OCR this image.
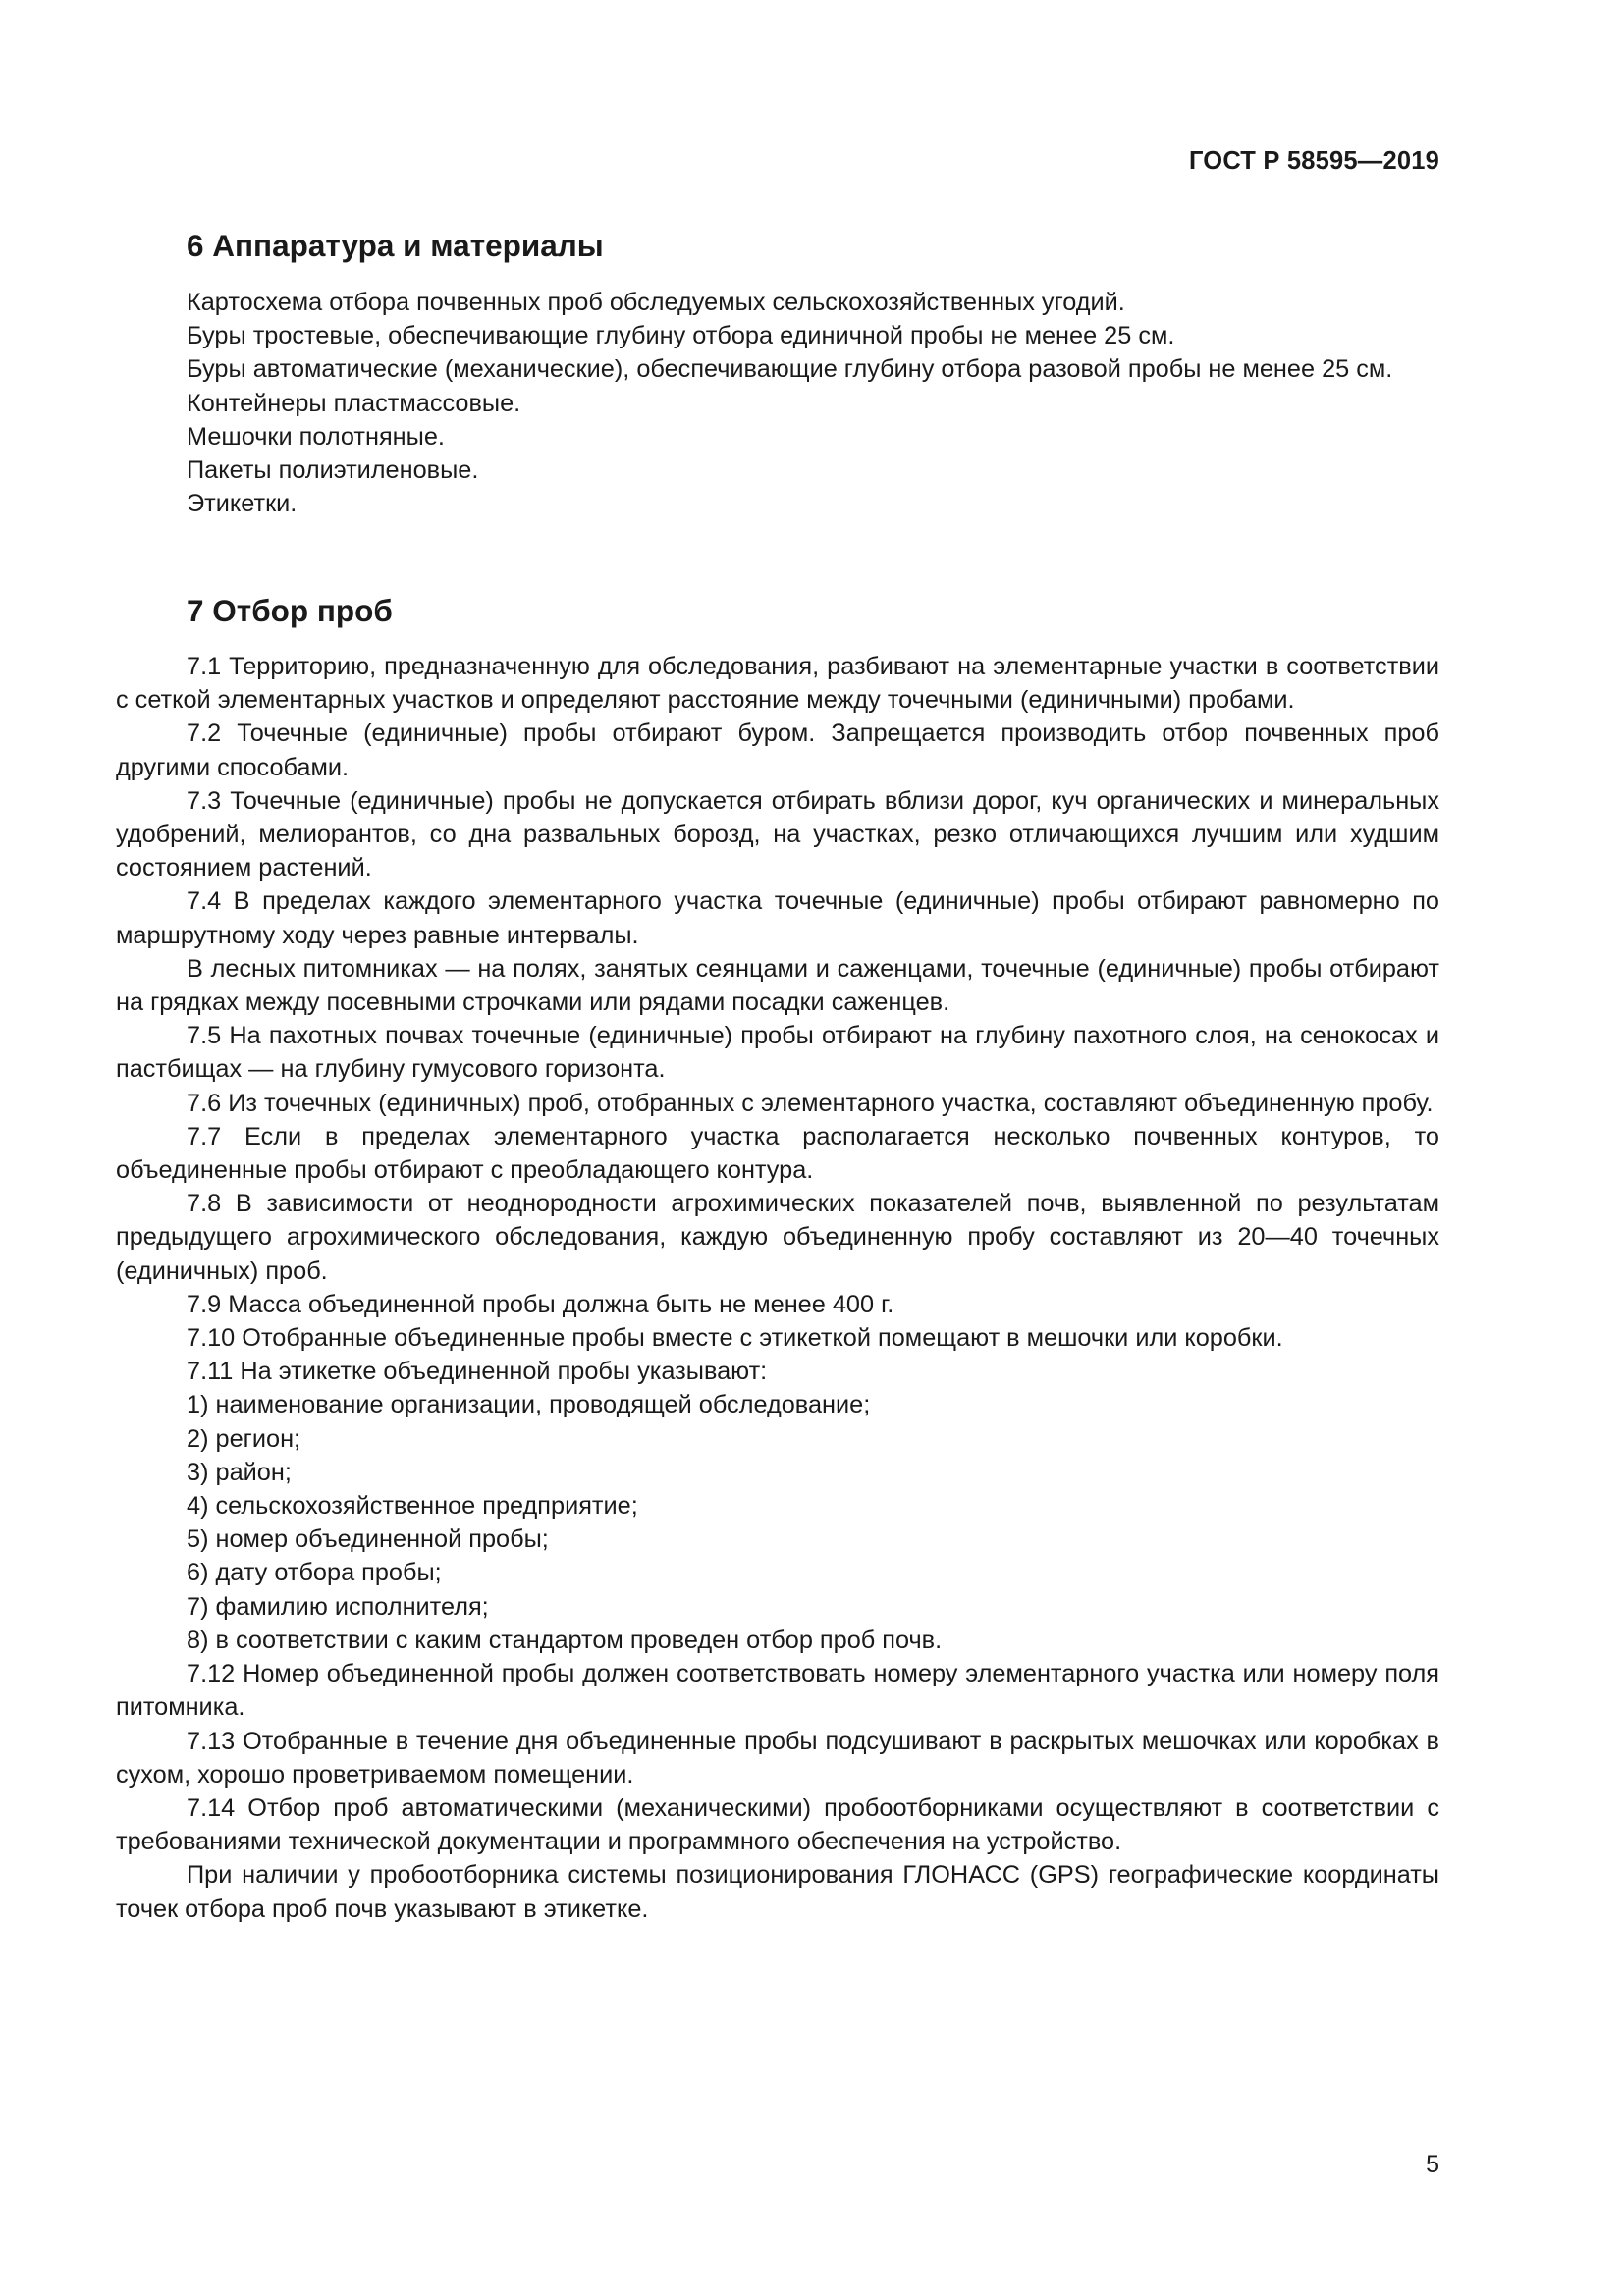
ГОСТ Р 58595—2019
6 Аппаратура и материалы

Картосхема отбора почвенных проб обследуемых сельскохозяйственных угодий.

Буры тростевые, обеспечивающие глубину отбора единичной пробы не менее 25 см.

Буры автоматические (механические), обеспечивающие глубину отбора разовой пробы не менее 25 см.

Контейнеры пластмассовые.

Мешочки полотняные.

Пакеты полиэтиленовые.

Этикетки.

7 Отбор проб

7.1 Территорию, предназначенную для обследования, разбивают на элементарные участки в соответствии с сеткой элементарных участков и определяют расстояние между точечными (единичными) пробами.

7.2 Точечные (единичные) пробы отбирают буром. Запрещается производить отбор почвенных проб другими способами.

7.3 Точечные (единичные) пробы не допускается отбирать вблизи дорог, куч органических и минеральных удобрений, мелиорантов, со дна развальных борозд, на участках, резко отличающихся лучшим или худшим состоянием растений.

7.4 В пределах каждого элементарного участка точечные (единичные) пробы отбирают равномерно по маршрутному ходу через равные интервалы.

В лесных питомниках — на полях, занятых сеянцами и саженцами, точечные (единичные) пробы отбирают на грядках между посевными строчками или рядами посадки саженцев.

7.5 На пахотных почвах точечные (единичные) пробы отбирают на глубину пахотного слоя, на сенокосах и пастбищах — на глубину гумусового горизонта.

7.6 Из точечных (единичных) проб, отобранных с элементарного участка, составляют объединенную пробу.

7.7 Если в пределах элементарного участка располагается несколько почвенных контуров, то объединенные пробы отбирают с преобладающего контура.

7.8 В зависимости от неоднородности агрохимических показателей почв, выявленной по результатам предыдущего агрохимического обследования, каждую объединенную пробу составляют из 20—40 точечных (единичных) проб.

7.9 Масса объединенной пробы должна быть не менее 400 г.

7.10 Отобранные объединенные пробы вместе с этикеткой помещают в мешочки или коробки.

7.11 На этикетке объединенной пробы указывают:

1) наименование организации, проводящей обследование;

2) регион;

3) район;

4) сельскохозяйственное предприятие;

5) номер объединенной пробы;

6) дату отбора пробы;

7) фамилию исполнителя;

8) в соответствии с каким стандартом проведен отбор проб почв.

7.12 Номер объединенной пробы должен соответствовать номеру элементарного участка или номеру поля питомника.

7.13 Отобранные в течение дня объединенные пробы подсушивают в раскрытых мешочках или коробках в сухом, хорошо проветриваемом помещении.

7.14 Отбор проб автоматическими (механическими) пробоотборниками осуществляют в соответствии с требованиями технической документации и программного обеспечения на устройство.

При наличии у пробоотборника системы позиционирования ГЛОНАСС (GPS) географические координаты точек отбора проб почв указывают в этикетке.

5
